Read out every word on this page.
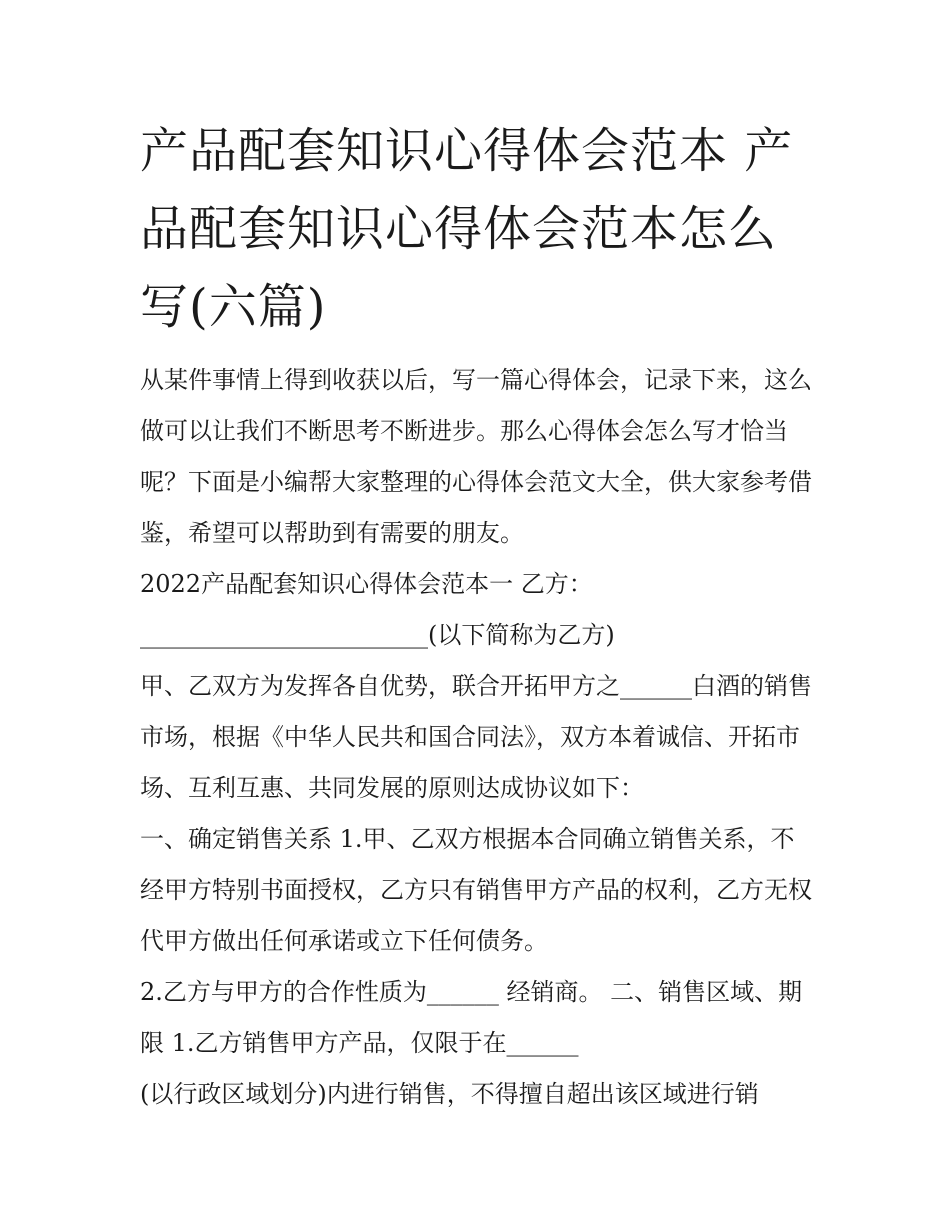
产品配套知识心得体会范本 产品配套知识心得体会范本怎么写(六篇)

从某件事情上得到收获以后，写一篇心得体会，记录下来，这么做可以让我们不断思考不断进步。那么心得体会怎么写才恰当呢？下面是小编帮大家整理的心得体会范文大全，供大家参考借鉴，希望可以帮助到有需要的朋友。

2022产品配套知识心得体会范本一 乙方：

________________________(以下简称为乙方)

甲、乙双方为发挥各自优势，联合开拓甲方之______白酒的销售市场，根据《中华人民共和国合同法》，双方本着诚信、开拓市场、互利互惠、共同发展的原则达成协议如下：

一、确定销售关系 1.甲、乙双方根据本合同确立销售关系，不经甲方特别书面授权，乙方只有销售甲方产品的权利，乙方无权代甲方做出任何承诺或立下任何债务。

2.乙方与甲方的合作性质为______ 经销商。 二、销售区域、期限 1.乙方销售甲方产品，仅限于在______

(以行政区域划分)内进行销售，不得擅自超出该区域进行销
